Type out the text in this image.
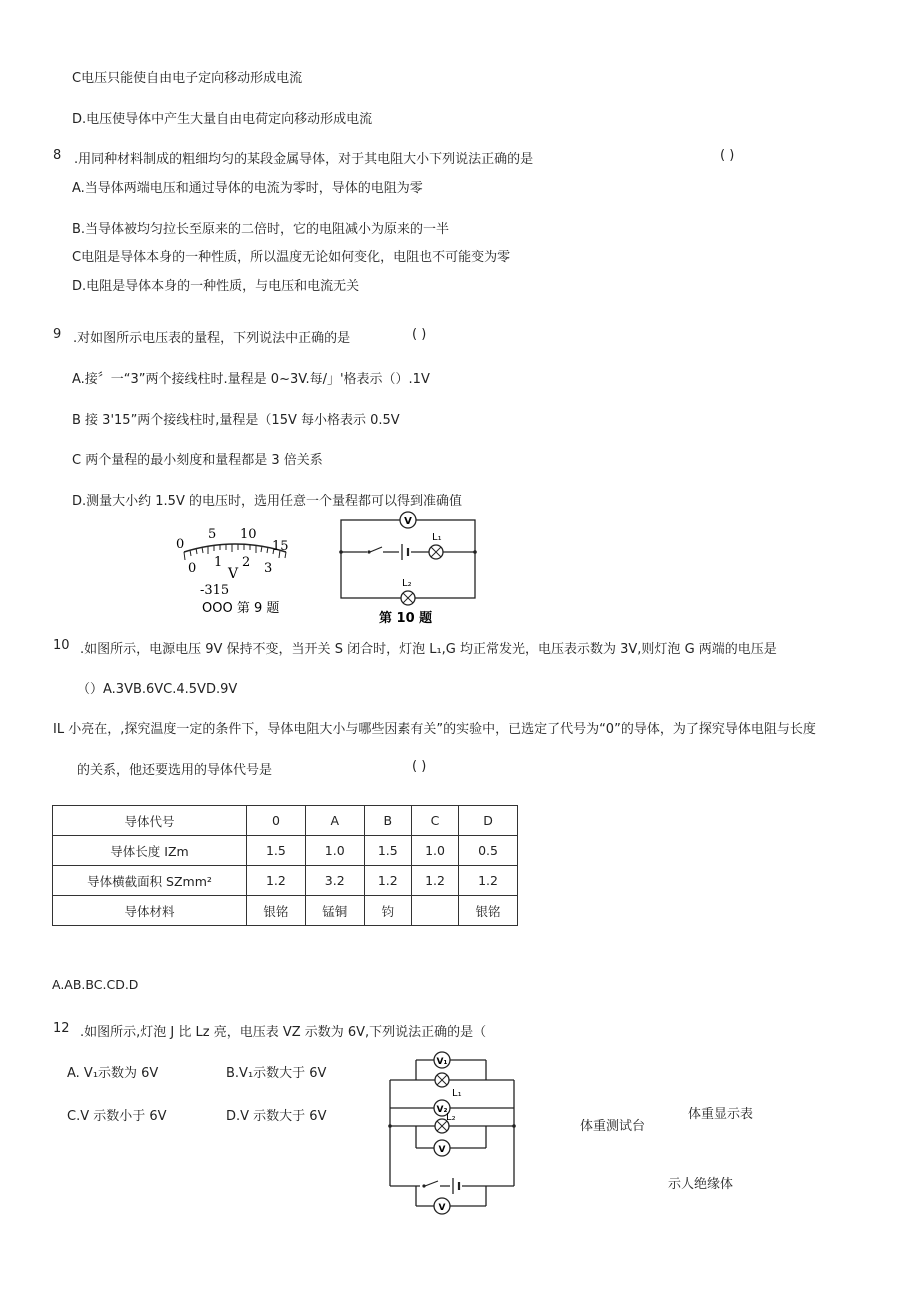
C电压只能使自由电子定向移动形成电流
D.电压使导体中产生大量自由电荷定向移动形成电流
8 .用同种材料制成的粗细均匀的某段金属导体，对于其电阻大小下列说法正确的是	( )
A.当导体两端电压和通过导体的电流为零时，导体的电阻为零
B.当导体被均匀拉长至原来的二倍时，它的电阻减小为原来的一半
C电阻是导体本身的一种性质，所以温度无论如何变化，电阻也不可能变为零
D.电阻是导体本身的一种性质，与电压和电流无关
9 .对如图所示电压表的量程，下列说法中正确的是	( )
A.接〞一“3”两个接线柱时.量程是 0~3V.每/」'格表示（）.1V
B 接 3'15”两个接线柱时,量程是（15V 每小格表示 0.5V
C 两个量程的最小刻度和量程都是 3 倍关系
D.测量大小约 1.5V 的电压时，选用任意一个量程都可以得到准确值
0
5 10
15
0 1 2 3
V
-315
OOO 第 9 题
V
L₁
L₂
第 10 题
10 .如图所示，电源电压 9V 保持不变，当开关 S 闭合时，灯泡 L₁,G 均正常发光，电压表示数为 3V,则灯泡 G 两端的电压是
（）A.3VB.6VC.4.5VD.9V
IL 小亮在，,探究温度一定的条件下，导体电阻大小与哪些因素有关”的实验中，已选定了代号为“0”的导体，为了探究导体电阻与长度
的关系，他还要选用的导体代号是	( )
导体代号	0	A	B	C	D
导体长度 IZm	1.5	1.0	1.5	1.0	0.5
导体横截面积 SZmm²	1.2	3.2	1.2	1.2	1.2
导体材料	银铭	锰铜	钧		银铭
A.AB.BC.CD.D
12 .如图所示,灯泡 J 比 Lz 亮，电压表 VZ 示数为 6V,下列说法正确的是（
A. V₁示数为 6V	B.V₁示数大于 6V
C.V 示数小于 6V	D.V 示数大于 6V
V₁
L₁
V₂
L₂
V
V
体重测试台
体重显示表
示人绝缘体
